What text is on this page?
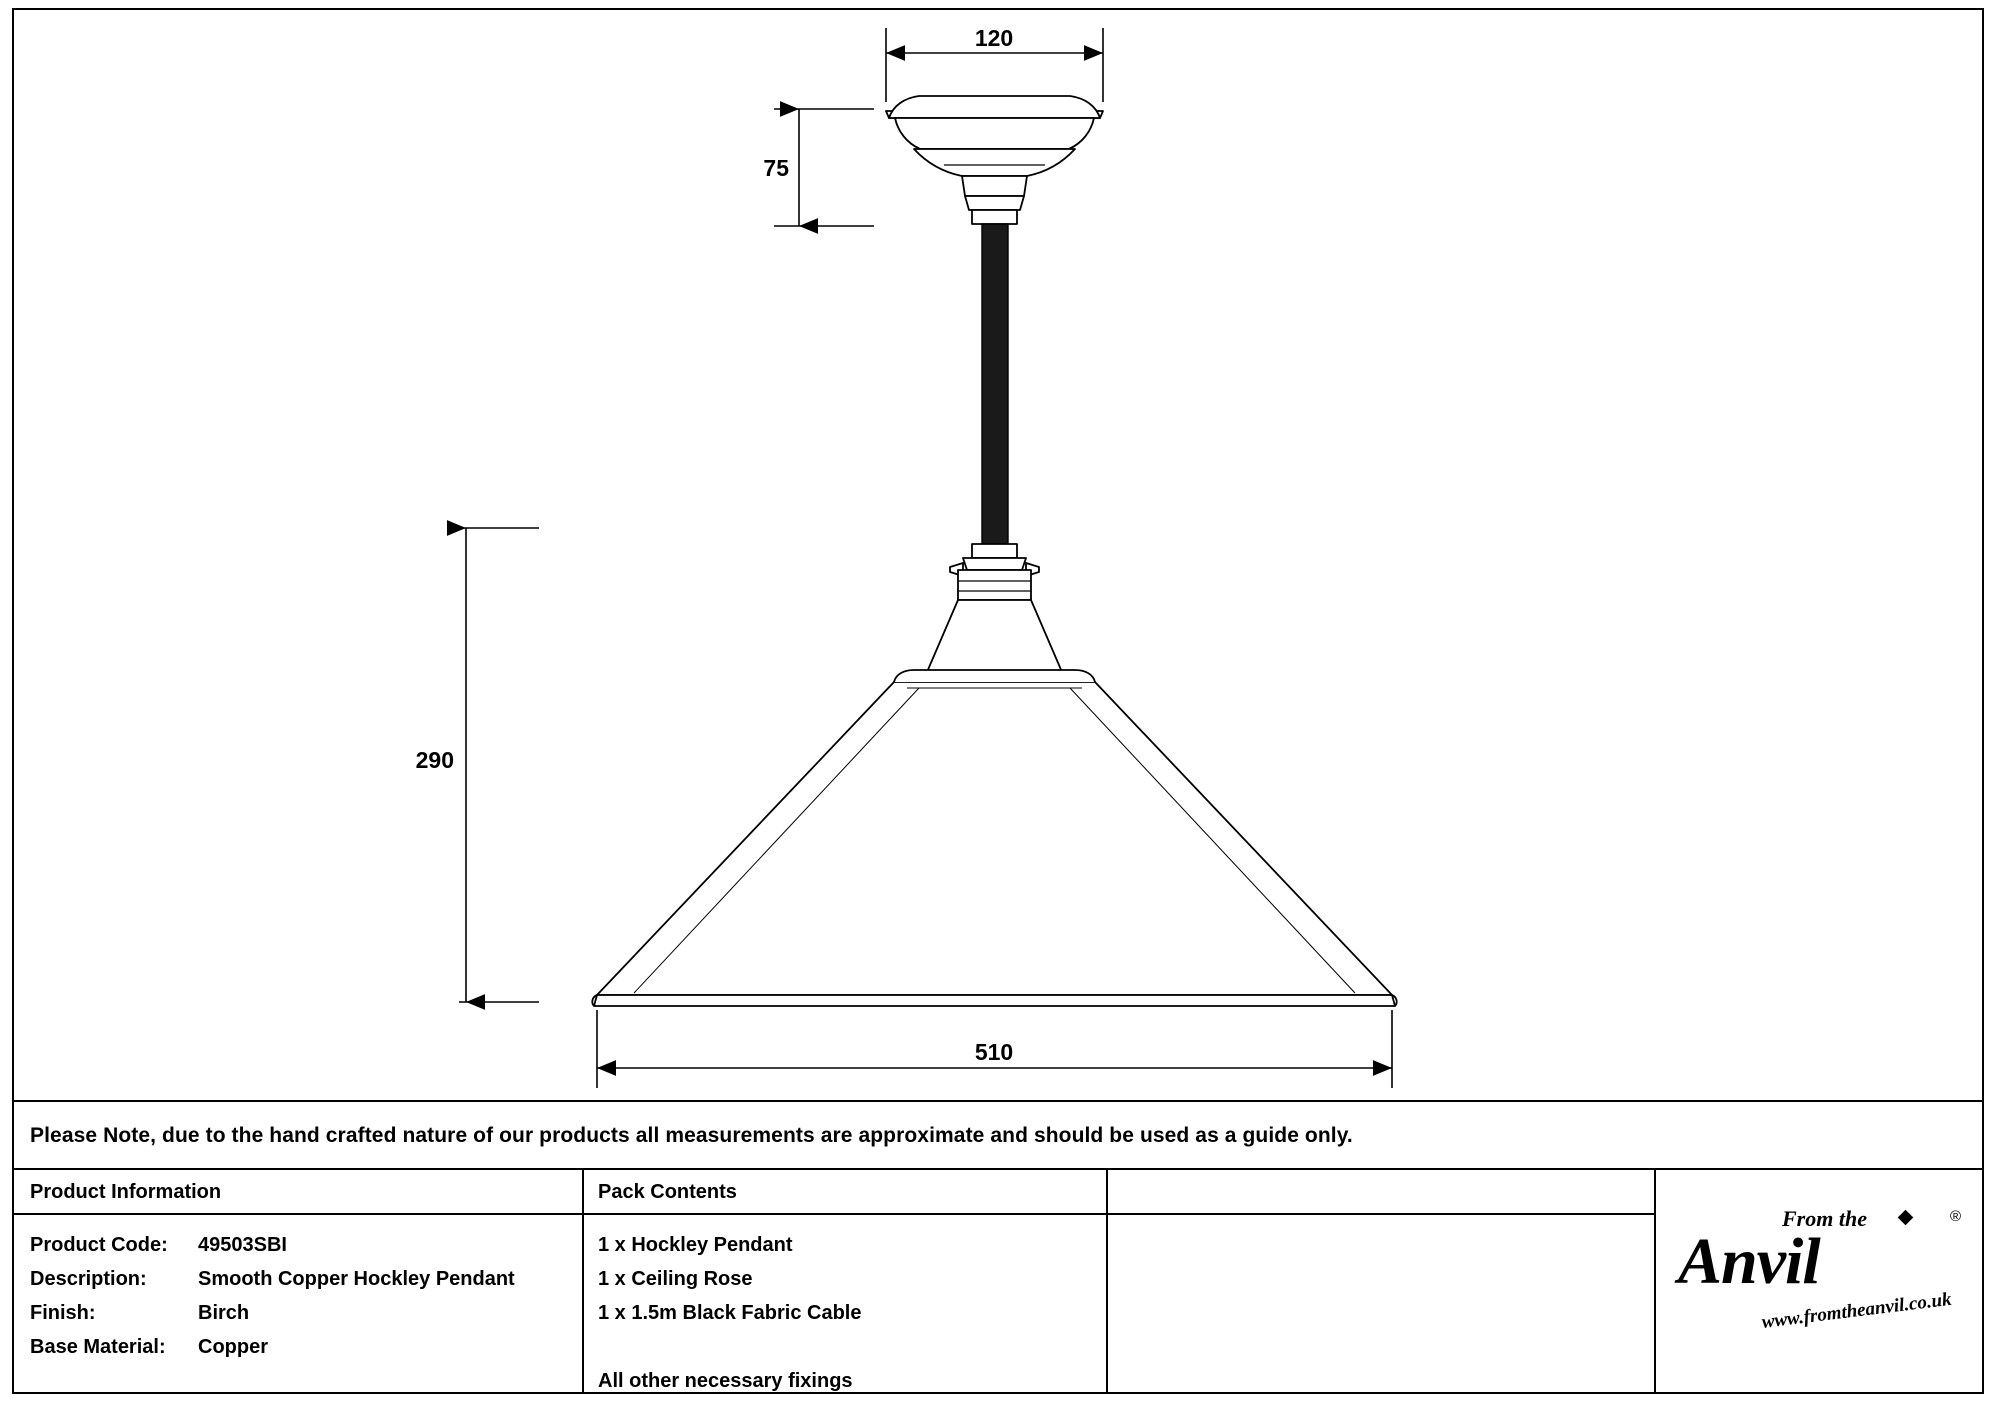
120
75
290
510
Please Note, due to the hand crafted nature of our products all measurements are approximate and should be used as a guide only.
Product Information	Pack Contents
Product Code: 49503SBI
Description:	Smooth Copper Hockley Pendant
Finish:	Birch
Base Material: Copper
1 x Hockley Pendant
1 x Ceiling Rose
1 x 1.5m Black Fabric Cable

All other necessary fixings
From the	®
Anvil
www.fromtheanvil.co.uk
